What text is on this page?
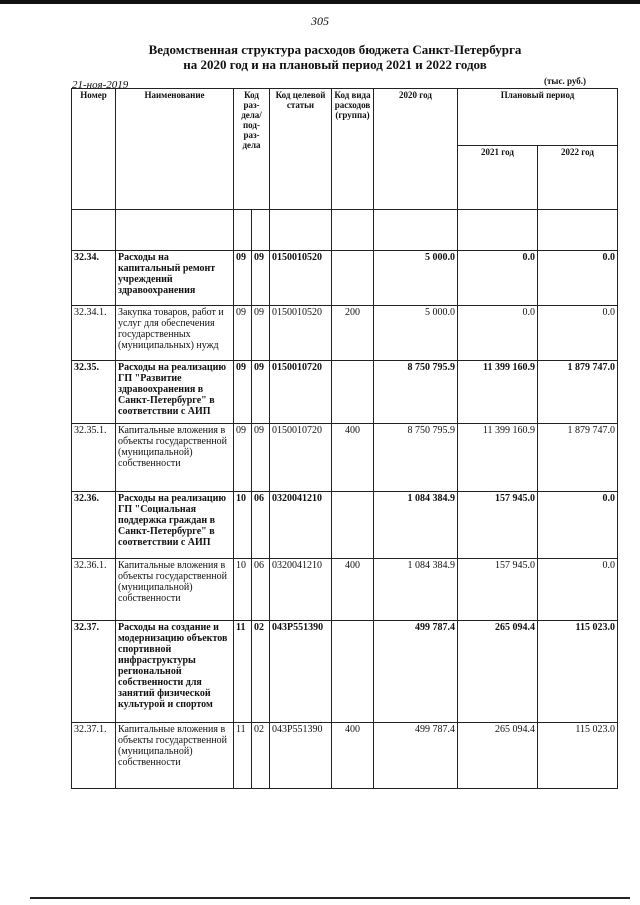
305
Ведомственная структура расходов бюджета Санкт-Петербурга
на 2020 год и на плановый период 2021 и 2022 годов
21-ноя-2019	(тыс. руб.)
Номер	Наименование	Код раз-дела/ под-раз-дела		Код целевой статьи	Код вида расходов (группа)	2020 год	Плановый период	
							2021 год	2022 год

32.34.	Расходы на капитальный ремонт учреждений здравоохранения	09	09	0150010520		5 000.0	0.0	0.0
32.34.1.	Закупка товаров, работ и услуг для обеспечения государственных (муниципальных) нужд	09	09	0150010520	200	5 000.0	0.0	0.0
32.35.	Расходы на реализацию ГП "Развитие здравоохранения в Санкт-Петербурге" в соответствии с АИП	09	09	0150010720		8 750 795.9	11 399 160.9	1 879 747.0
32.35.1.	Капитальные вложения в объекты государственной (муниципальной) собственности	09	09	0150010720	400	8 750 795.9	11 399 160.9	1 879 747.0
32.36.	Расходы на реализацию ГП "Социальная поддержка граждан в Санкт-Петербурге" в соответствии с АИП	10	06	0320041210		1 084 384.9	157 945.0	0.0
32.36.1.	Капитальные вложения в объекты государственной (муниципальной) собственности	10	06	0320041210	400	1 084 384.9	157 945.0	0.0
32.37.	Расходы на создание и модернизацию объектов спортивной инфраструктуры региональной собственности для занятий физической культурой и спортом	11	02	043P551390		499 787.4	265 094.4	115 023.0
32.37.1.	Капитальные вложения в объекты государственной (муниципальной) собственности	11	02	043P551390	400	499 787.4	265 094.4	115 023.0
